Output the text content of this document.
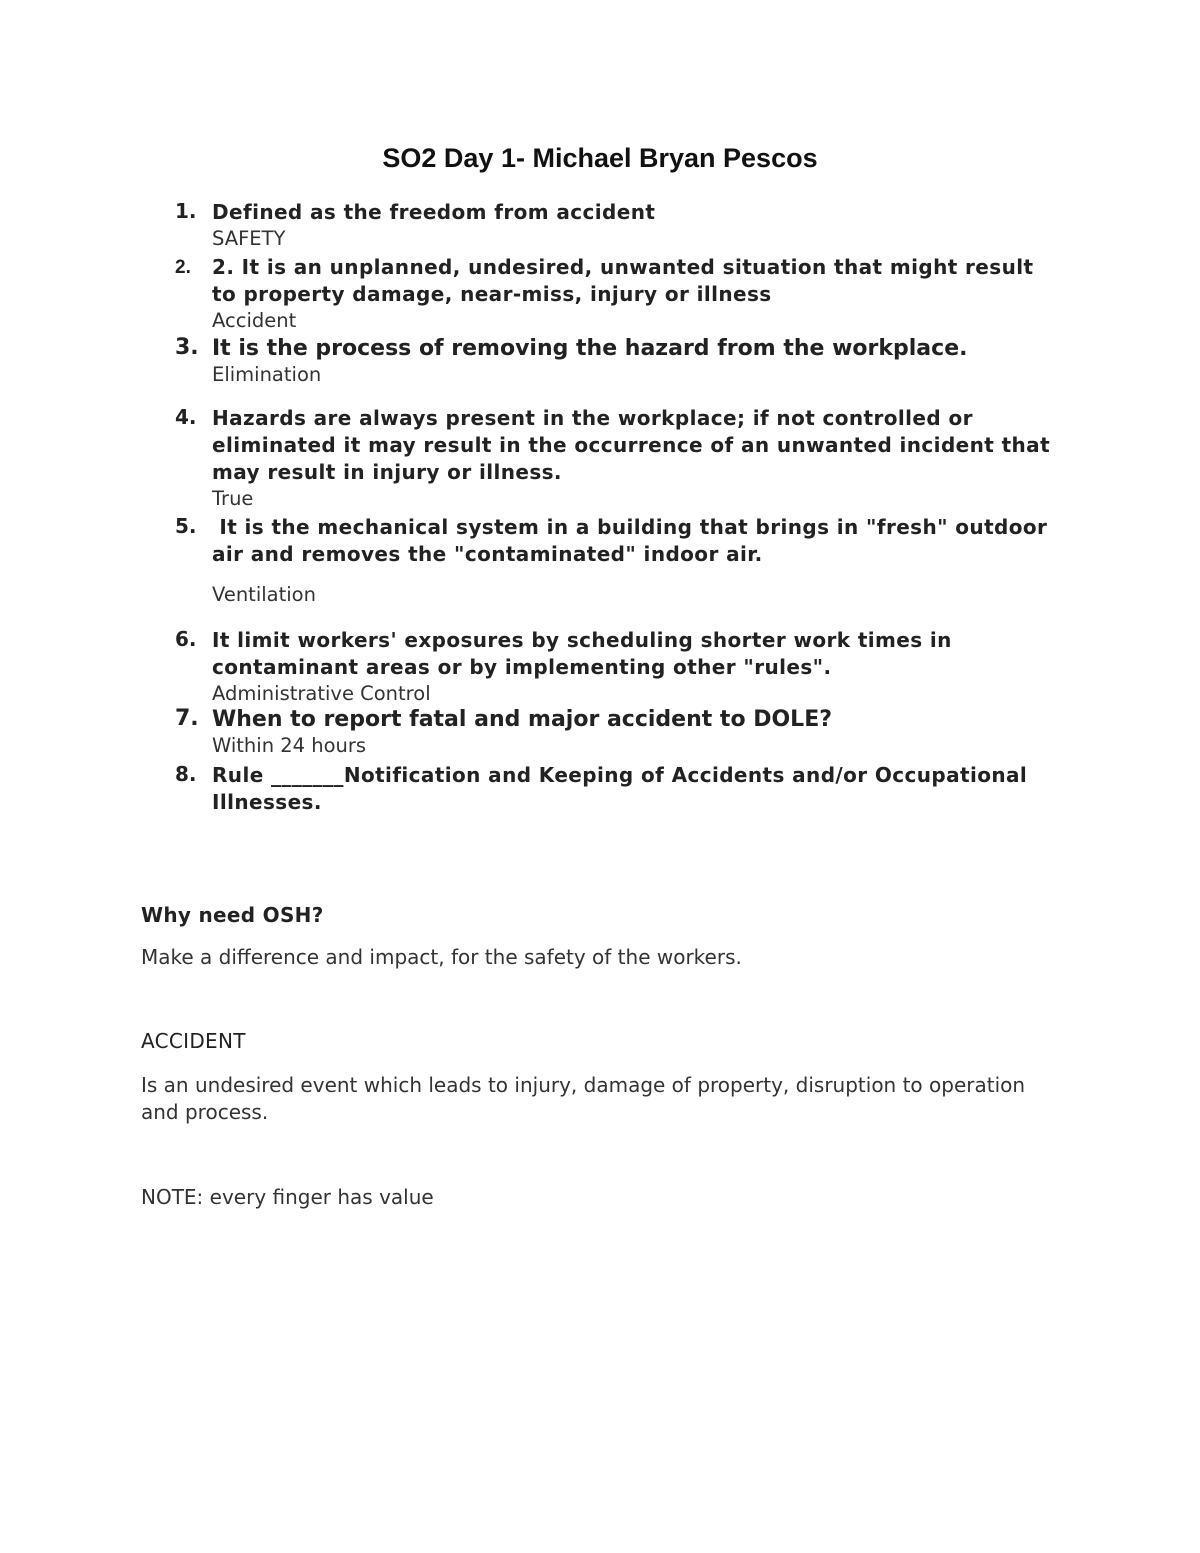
SO2 Day 1- Michael Bryan Pescos
1. Defined as the freedom from accident
SAFETY
2. 2. It is an unplanned, undesired, unwanted situation that might result to property damage, near-miss, injury or illness
Accident
3. It is the process of removing the hazard from the workplace.
Elimination
4. Hazards are always present in the workplace; if not controlled or eliminated it may result in the occurrence of an unwanted incident that may result in injury or illness.
True
5. It is the mechanical system in a building that brings in "fresh" outdoor air and removes the "contaminated" indoor air.
Ventilation
6. It limit workers' exposures by scheduling shorter work times in contaminant areas or by implementing other "rules".
Administrative Control
7. When to report fatal and major accident to DOLE?
Within 24 hours
8. Rule _______Notification and Keeping of Accidents and/or Occupational Illnesses.
Why need OSH?
Make a difference and impact, for the safety of the workers.
ACCIDENT
Is an undesired event which leads to injury, damage of property, disruption to operation and process.
NOTE: every finger has value
